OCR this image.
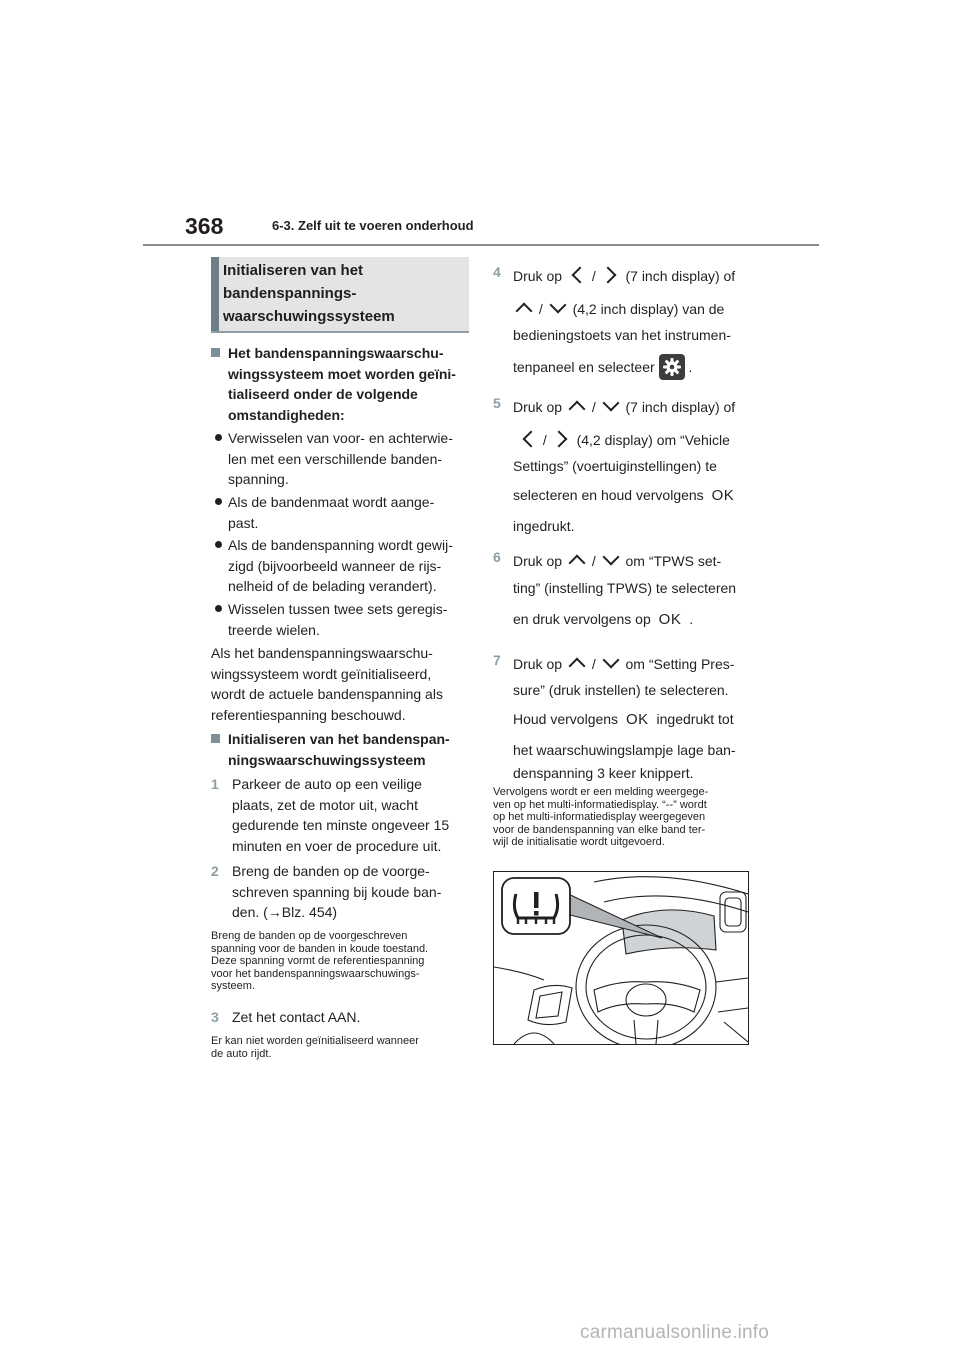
368	6-3. Zelf uit te voeren onderhoud
Initialiseren van het
bandenspannings-
waarschuwingssysteem
Het bandenspanningswaarschu-
wingssysteem moet worden geïni-
tialiseerd onder de volgende
omstandigheden:
Verwisselen van voor- en achterwie-
len met een verschillende banden-
spanning.
Als de bandenmaat wordt aange-
past.
Als de bandenspanning wordt gewij-
zigd (bijvoorbeeld wanneer de rijs-
nelheid of de belading verandert).
Wisselen tussen twee sets geregis-
treerde wielen.
Als het bandenspanningswaarschu-
wingssysteem wordt geïnitialiseerd,
wordt de actuele bandenspanning als
referentiespanning beschouwd.
Initialiseren van het bandenspan-
ningswaarschuwingssysteem
1 Parkeer de auto op een veilige
plaats, zet de motor uit, wacht
gedurende ten minste ongeveer 15
minuten en voer de procedure uit.
2 Breng de banden op de voorge-
schreven spanning bij koude ban-
den. (→Blz. 454)
Breng de banden op de voorgeschreven
spanning voor de banden in koude toestand.
Deze spanning vormt de referentiespanning
voor het bandenspanningswaarschuwings-
systeem.
3 Zet het contact AAN.
Er kan niet worden geïnitialiseerd wanneer
de auto rijdt.
4 Druk op / (7 inch display) of
/ (4,2 inch display) van de
bedieningstoets van het instrumen-
tenpaneel en selecteer .
5 Druk op / (7 inch display) of
/ (4,2 display) om “Vehicle
Settings” (voertuiginstellingen) te
selecteren en houd vervolgens OK
ingedrukt.
6 Druk op / om “TPWS set-
ting” (instelling TPWS) te selecteren
en druk vervolgens op OK .
7 Druk op / om “Setting Pres-
sure” (druk instellen) te selecteren.
Houd vervolgens OK ingedrukt tot
het waarschuwingslampje lage ban-
denspanning 3 keer knippert.
Vervolgens wordt er een melding weergege-
ven op het multi-informatiedisplay. “--” wordt
op het multi-informatiedisplay weergegeven
voor de bandenspanning van elke band ter-
wijl de initialisatie wordt uitgevoerd.
carmanualsonline.info
